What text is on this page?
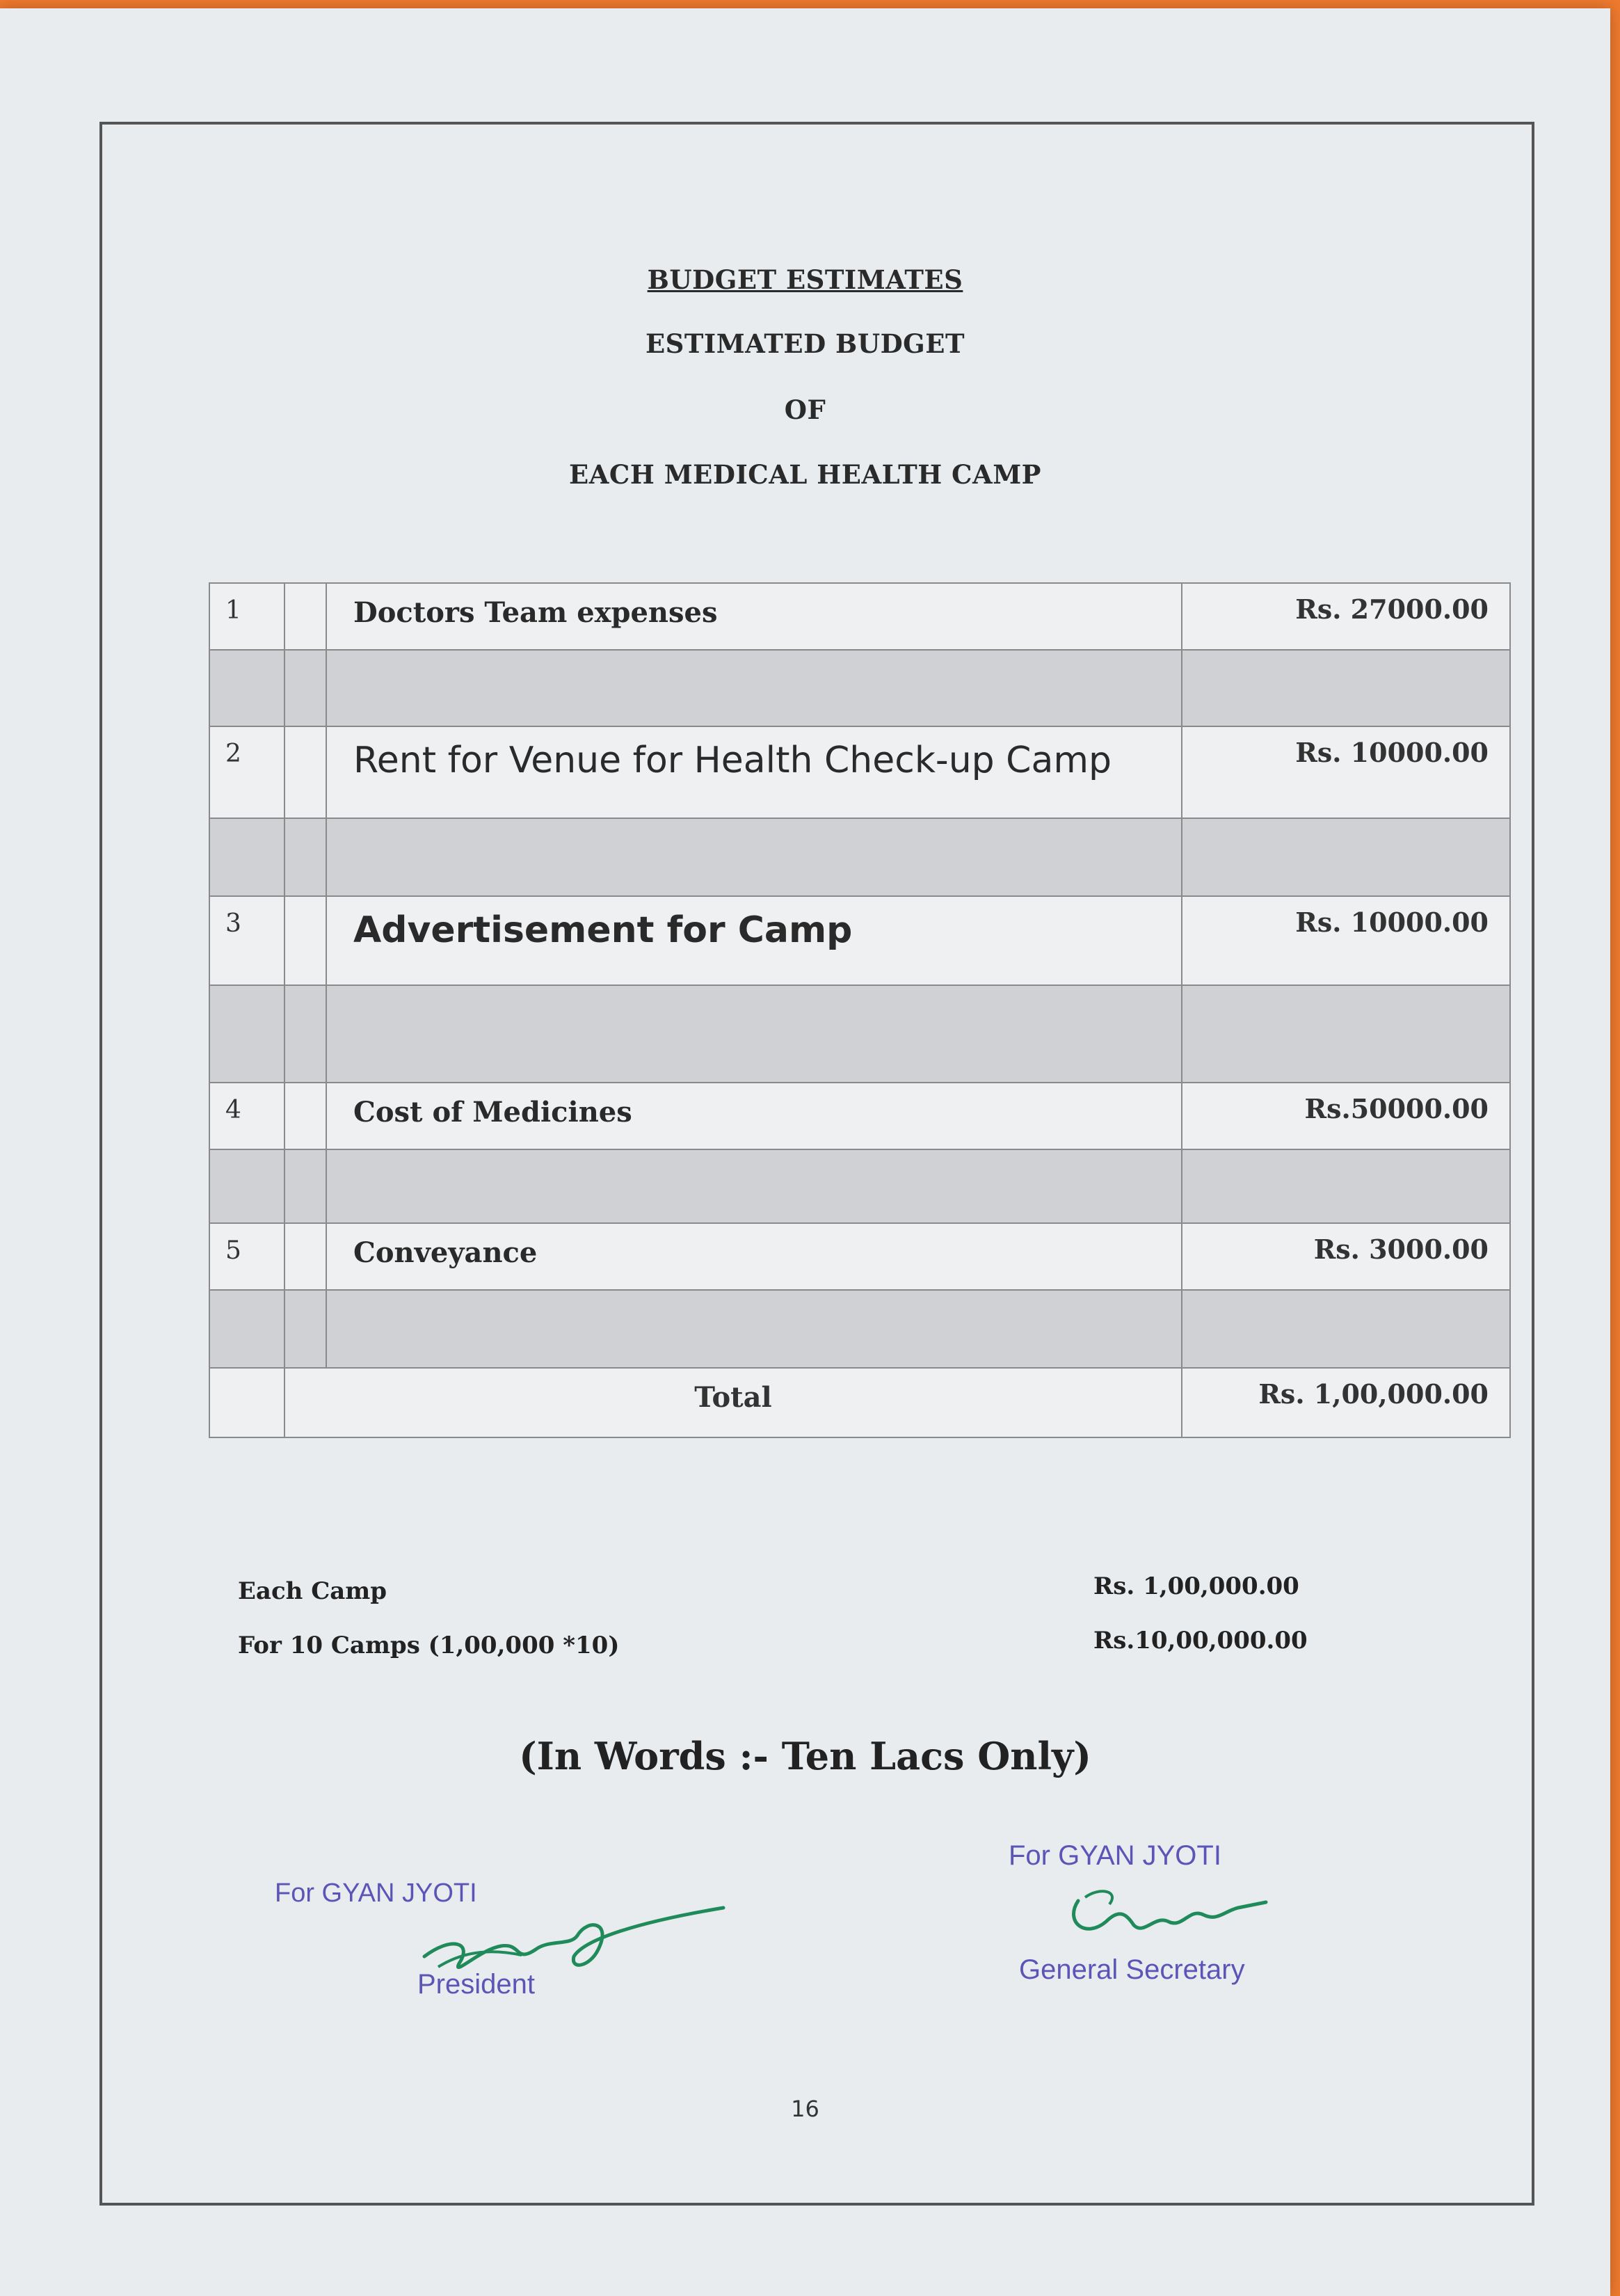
BUDGET ESTIMATES
ESTIMATED BUDGET
OF
EACH MEDICAL HEALTH CAMP
1	Doctors Team expenses	Rs. 27000.00
2	Rent for Venue for Health Check-up Camp	Rs. 10000.00
3	Advertisement for Camp	Rs. 10000.00
4	Cost of Medicines	Rs.50000.00
5	Conveyance	Rs. 3000.00
Total	Rs. 1,00,000.00
Each Camp	Rs. 1,00,000.00
For 10 Camps (1,00,000 *10)	Rs.10,00,000.00
(In Words :- Ten Lacs Only)
For GYAN JYOTI
President
For GYAN JYOTI
General Secretary
16
